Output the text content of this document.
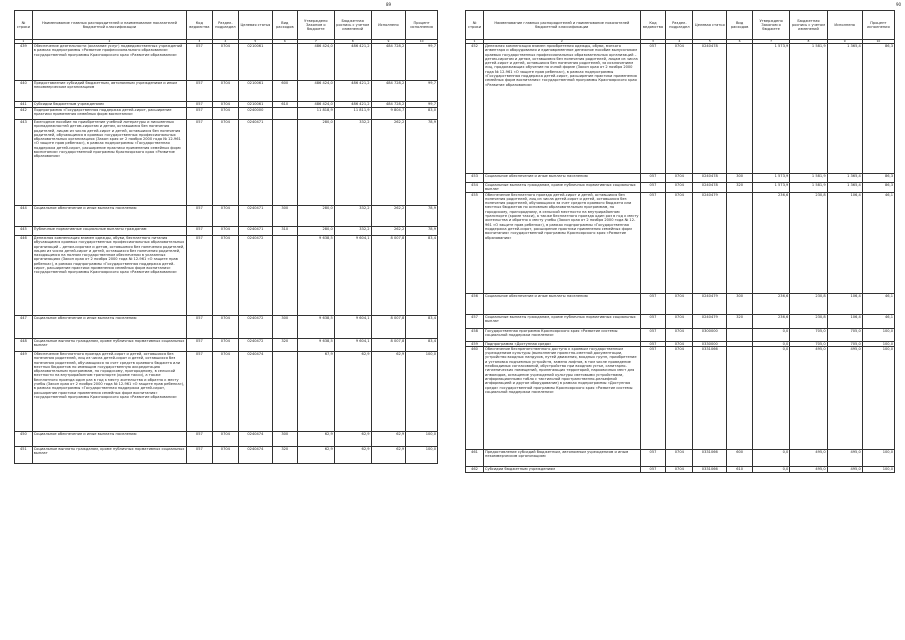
89
№ строки	Наименование главных распорядителей и наименование показателей бюджетной классификации	Код ведомства	Раздел-подраздел	Целевая статья	Вид расходов	Утверждено Законом о бюджете	Бюджетная роспись с учетом изменений	Исполнено	Процент исполнения
1	2	3	4	5	6	7	8	9	10
439	Обеспечение деятельности (оказание услуг) подведомственных учреждений в рамках подпрограммы «Развитие профессионального образования» государственной программы Красноярского края «Развитие образования»	057	0704	0210061		486 424,0	486 421,2	484 728,2	99,7
440	Предоставление субсидий бюджетным, автономным учреждениям и иным некоммерческим организациям	057	0704	0210061	600	486 424,0	486 421,2	484 728,2	99,7
441	Субсидии бюджетным учреждениям	057	0704	0210061	610	486 424,0	486 421,2	484 728,2	99,7
442	Подпрограмма «Государственная поддержка детей-сирот, расширение практики применения семейных форм воспитания»	057	0704	0240000		11 818,9	11 811,9	9 804,7	83,0
443	Ежегодное пособие на приобретение учебной литературы и письменных принадлежностей детям-сиротам и детям, оставшимся без попечения родителей, лицам из числа детей-сирот и детей, оставшихся без попечения родителей, обучающимся в краевых государственных профессиональных образовательных организациях (Закон края от 2 ноября 2000 года № 12-961 «О защите прав ребенка»), в рамках подпрограммы «Государственная поддержка детей-сирот, расширение практики применения семейных форм воспитания» государственной программы Красноярского края «Развитие образования»	057	0704	0240471		280,0	332,2	262,2	78,9
444	Социальное обеспечение и иные выплаты населению	057	0704	0240471	300	280,0	332,2	262,2	78,9
445	Публичные нормативные социальные выплаты гражданам	057	0704	0240471	310	280,0	332,2	262,2	78,9
446	Денежная компенсация взамен одежды, обуви, бесплатного питания обучающимся краевых государственных профессиональных образовательных организаций – детям-сиротам и детям, оставшимся без попечения родителей, лицам из числа детей-сирот и детей, оставшихся без попечения родителей, находящимся на полном государственном обеспечении в указанных организациях (Закон края от 2 ноября 2000 года № 12-961 «О защите прав ребенка»), в рамках подпрограммы «Государственная поддержка детей-сирот, расширение практики применения семейных форм воспитания» государственной программы Красноярского края «Развитие образования»	057	0704	0240472		9 638,5	9 604,1	8 007,8	83,4
447	Социальное обеспечение и иные выплаты населению	057	0704	0240472	300	9 638,5	9 604,1	8 007,8	83,4
448	Социальные выплаты гражданам, кроме публичных нормативных социальных выплат	057	0704	0240472	320	9 638,5	9 604,1	8 007,8	83,4
449	Обеспечение бесплатного проезда детей-сирот и детей, оставшихся без попечения родителей, лиц из числа детей-сирот и детей, оставшихся без попечения родителей, обучающихся за счет средств краевого бюджета или местных бюджетов по имеющим государственную аккредитацию образовательным программам, по городскому, пригородному, в сельской местности на внутрирайонном транспорте (кроме такси), а также бесплатного проезда один раз в год к месту жительства и обратно к месту учебы (Закон края от 2 ноября 2000 года № 12-961 «О защите прав ребенка»), в рамках подпрограммы «Государственная поддержка детей-сирот, расширение практики применения семейных форм воспитания» государственной программы Красноярского края «Развитие образования»	057	0704	0240474		67,9	62,9	62,9	100,0
450	Социальное обеспечение и иные выплаты населению	057	0704	0240474	300	62,9	62,9	62,9	100,0
451	Социальные выплаты гражданам, кроме публичных нормативных социальных выплат	057	0704	0240474	320	62,9	62,9	62,9	100,0
90
№ строки	Наименование главных распорядителей и наименование показателей бюджетной классификации	Код ведомства	Раздел-подраздел	Целевая статья	Вид расходов	Утверждено Законом о бюджете	Бюджетная роспись с учетом изменений	Исполнено	Процент исполнения
1	2	3	4	5	6	7	8	9	10
452	Денежная компенсация взамен приобретения одежды, обуви, мягкого инвентаря и оборудования и единовременное денежное пособие выпускникам краевых государственных профессиональных образовательных организаций – детям-сиротам и детям, оставшимся без попечения родителей, лицам из числа детей-сирот и детей, оставшихся без попечения родителей, за исключением лиц, продолжающих обучение по очной форме (Закон края от 2 ноября 2000 года № 12-961 «О защите прав ребенка»), в рамках подпрограммы «Государственная поддержка детей-сирот, расширение практики применения семейных форм воспитания» государственной программы Красноярского края «Развитие образования»	057	0704	0240478		1 573,9	1 581,9	1 365,4	86,3
453	Социальное обеспечение и иные выплаты населению	057	0704	0240478	300	1 573,9	1 581,9	1 365,4	86,3
454	Социальные выплаты гражданам, кроме публичных нормативных социальных выплат	057	0704	0240478	320	1 573,9	1 581,9	1 365,4	86,3
455	Обеспечение бесплатного проезда детей-сирот и детей, оставшихся без попечения родителей, лиц из числа детей-сирот и детей, оставшихся без попечения родителей, обучающихся за счет средств краевого бюджета или местных бюджетов по основным образовательным программам, по городскому, пригородному, в сельской местности на внутрирайонном транспорте (кроме такси), а также бесплатного проезда один раз в год к месту жительства и обратно к месту учебы (Закон края от 2 ноября 2000 года № 12-961 «О защите прав ребенка»), в рамках подпрограммы «Государственная поддержка детей-сирот, расширение практики применения семейных форм воспитания» государственной программы Красноярского края «Развитие образования»	057	0704	0240479		236,6	230,8	106,4	46,1
456	Социальное обеспечение и иные выплаты населению	057	0704	0240479	300	236,6	230,8	106,4	46,1
457	Социальные выплаты гражданам, кроме публичных нормативных социальных выплат	057	0704	0240479	320	236,6	230,8	106,4	46,1
458	Государственная программа Красноярского края «Развитие системы социальной поддержки населения»	057	0704	0300000		0,0	705,0	705,0	100,0
459	Подпрограмма «Доступная среда»	057	0704	0330000		0,0	705,0	705,0	100,0
460	Обеспечение беспрепятственного доступа к краевым государственным учреждениям культуры (выполнение проектно-сметной документации, устройство входных пандусов, путей движения, входных групп, приобретение и установка подъемных устройств, замена лифтов, в том числе проведение необходимых согласований, обустройство при входном устье, санитарно-гигиенических помещений, прилегающих территорий, парковочных мест для инвалидов, оснащение учреждений культуры световыми устройствами, информационными табло с тактильной пространственно-рельефной информацией и другое оборудование) в рамках подпрограммы «Доступная среда» государственной программы Красноярского края «Развитие системы социальной поддержки населения»	057	0704	0331066		0,0	495,0	495,0	100,0
461	Предоставление субсидий бюджетным, автономным учреждениям и иным некоммерческим организациям	057	0704	0331066	600	0,0	495,0	495,0	100,0
462	Субсидии бюджетным учреждениям	057	0704	0331066	610	0,0	495,0	495,0	100,0
